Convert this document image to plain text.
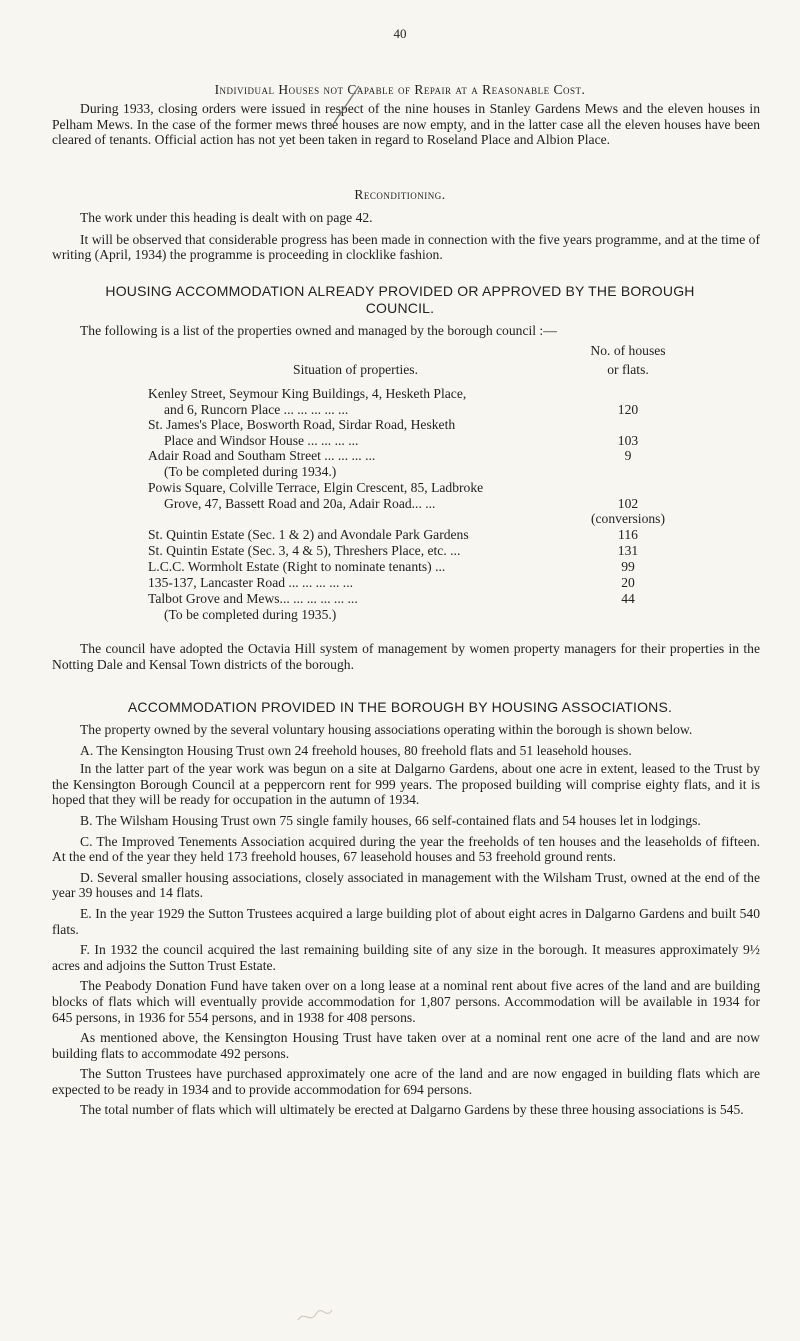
40
Individual Houses not Capable of Repair at a Reasonable Cost.

During 1933, closing orders were issued in respect of the nine houses in Stanley Gardens Mews and the eleven houses in Pelham Mews. In the case of the former mews three houses are now empty, and in the latter case all the eleven houses have been cleared of tenants. Official action has not yet been taken in regard to Roseland Place and Albion Place.

Reconditioning.

The work under this heading is dealt with on page 42.

It will be observed that considerable progress has been made in connection with the five years programme, and at the time of writing (April, 1934) the programme is proceeding in clocklike fashion.

HOUSING ACCOMMODATION ALREADY PROVIDED OR APPROVED BY THE BOROUGH COUNCIL.

The following is a list of the properties owned and managed by the borough council :—

Situation of properties.
No. of houses
or flats.
Kenley Street, Seymour King Buildings, 4, Hesketh Place,
and 6, Runcorn Place ... ... ... ... ...	120
St. James's Place, Bosworth Road, Sirdar Road, Hesketh
Place and Windsor House ... ... ... ...	103
Adair Road and Southam Street ... ... ... ...	9
(To be completed during 1934.)
Powis Square, Colville Terrace, Elgin Crescent, 85, Ladbroke
Grove, 47, Bassett Road and 20a, Adair Road... ...	102
(conversions)
St. Quintin Estate (Sec. 1 & 2) and Avondale Park Gardens	116
St. Quintin Estate (Sec. 3, 4 & 5), Threshers Place, etc. ...	131
L.C.C. Wormholt Estate (Right to nominate tenants) ...	99
135-137, Lancaster Road ... ... ... ... ...	20
Talbot Grove and Mews... ... ... ... ... ...	44
(To be completed during 1935.)

The council have adopted the Octavia Hill system of management by women property managers for their properties in the Notting Dale and Kensal Town districts of the borough.

ACCOMMODATION PROVIDED IN THE BOROUGH BY HOUSING ASSOCIATIONS.

The property owned by the several voluntary housing associations operating within the borough is shown below.

A. The Kensington Housing Trust own 24 freehold houses, 80 freehold flats and 51 leasehold houses.

In the latter part of the year work was begun on a site at Dalgarno Gardens, about one acre in extent, leased to the Trust by the Kensington Borough Council at a peppercorn rent for 999 years. The proposed building will comprise eighty flats, and it is hoped that they will be ready for occupation in the autumn of 1934.

B. The Wilsham Housing Trust own 75 single family houses, 66 self-contained flats and 54 houses let in lodgings.

C. The Improved Tenements Association acquired during the year the freeholds of ten houses and the leaseholds of fifteen. At the end of the year they held 173 freehold houses, 67 leasehold houses and 53 freehold ground rents.

D. Several smaller housing associations, closely associated in management with the Wilsham Trust, owned at the end of the year 39 houses and 14 flats.

E. In the year 1929 the Sutton Trustees acquired a large building plot of about eight acres in Dalgarno Gardens and built 540 flats.

F. In 1932 the council acquired the last remaining building site of any size in the borough. It measures approximately 9½ acres and adjoins the Sutton Trust Estate.

The Peabody Donation Fund have taken over on a long lease at a nominal rent about five acres of the land and are building blocks of flats which will eventually provide accommodation for 1,807 persons. Accommodation will be available in 1934 for 645 persons, in 1936 for 554 persons, and in 1938 for 408 persons.

As mentioned above, the Kensington Housing Trust have taken over at a nominal rent one acre of the land and are now building flats to accommodate 492 persons.

The Sutton Trustees have purchased approximately one acre of the land and are now engaged in building flats which are expected to be ready in 1934 and to provide accommodation for 694 persons.

The total number of flats which will ultimately be erected at Dalgarno Gardens by these three housing associations is 545.
